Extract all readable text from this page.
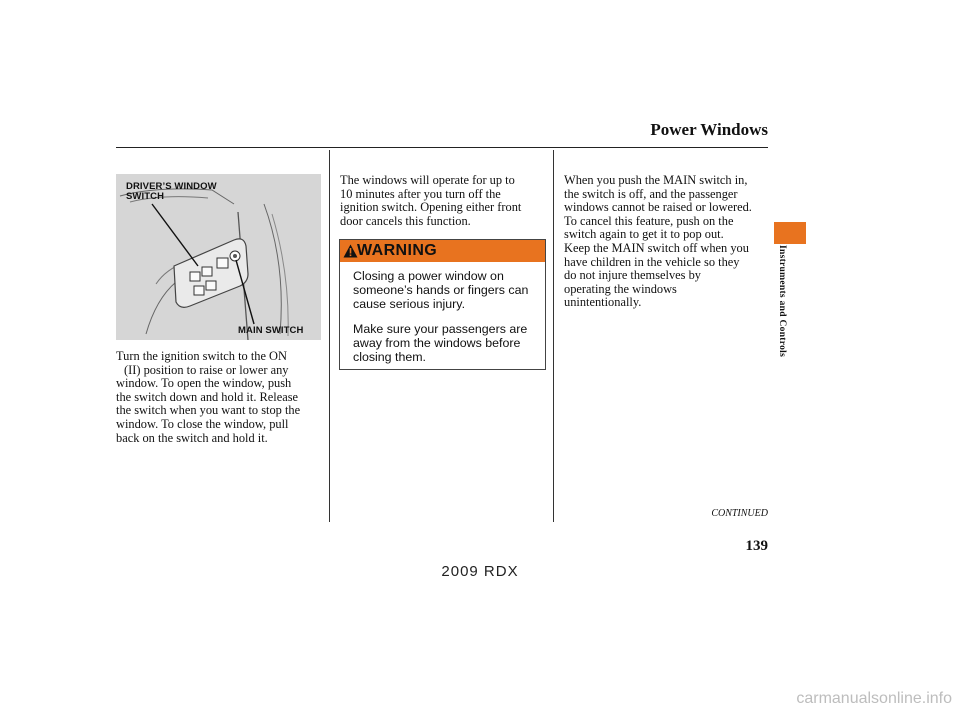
Power Windows
DRIVER’S WINDOW
SWITCH
MAIN SWITCH
Turn the ignition switch to the ON
(II) position to raise or lower any
window. To open the window, push
the switch down and hold it. Release
the switch when you want to stop the
window. To close the window, pull
back on the switch and hold it.
The windows will operate for up to
10 minutes after you turn off the
ignition switch. Opening either front
door cancels this function.
WARNING
Closing a power window on
someone’s hands or fingers can
cause serious injury.
Make sure your passengers are
away from the windows before
closing them.
When you push the MAIN switch in,
the switch is off, and the passenger
windows cannot be raised or lowered.
To cancel this feature, push on the
switch again to get it to pop out.
Keep the MAIN switch off when you
have children in the vehicle so they
do not injure themselves by
operating the windows
unintentionally.	Instruments and Controls
CONTINUED
139
2009 RDX
carmanualsonline.info
